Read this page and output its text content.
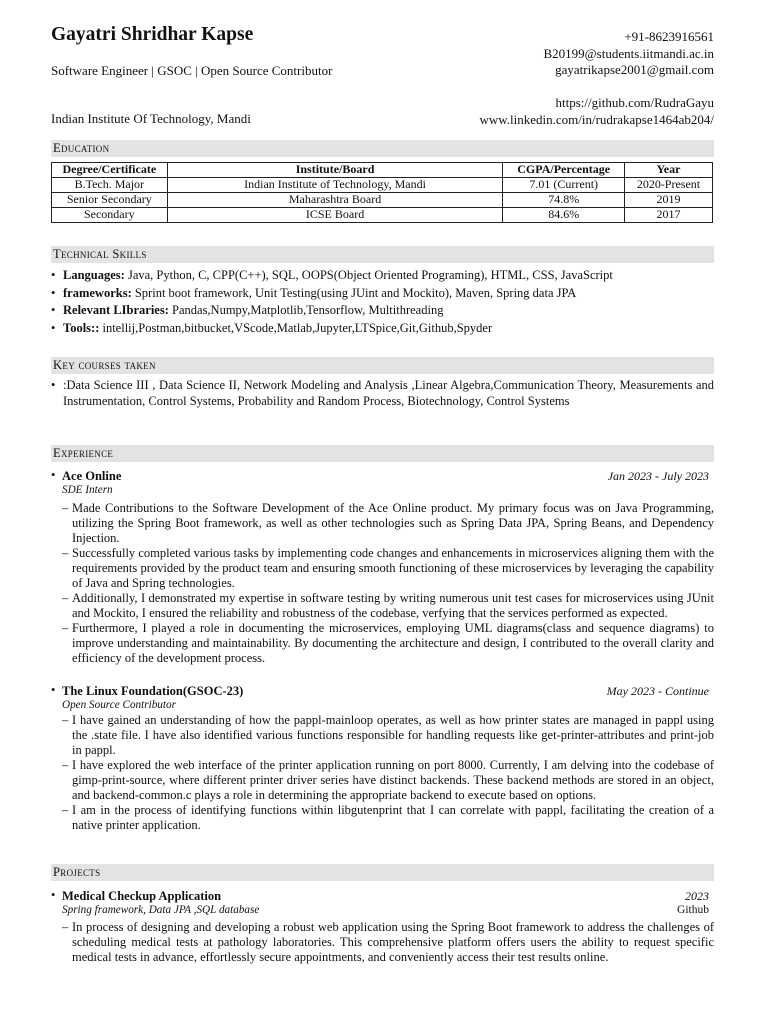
Gayatri Shridhar Kapse
Software Engineer | GSOC | Open Source Contributor
Indian Institute Of Technology, Mandi
+91-8623916561
B20199@students.iitmandi.ac.in
gayatrikapse2001@gmail.com
https://github.com/RudraGayu
www.linkedin.com/in/rudrakapse1464ab204/
Education
Degree/Certificate	Institute/Board	CGPA/Percentage	Year
B.Tech. Major	Indian Institute of Technology, Mandi	7.01 (Current)	2020-Present
Senior Secondary	Maharashtra Board	74.8%	2019
Secondary	ICSE Board	84.6%	2017
Technical Skills
• Languages: Java, Python, C, CPP(C++), SQL, OOPS(Object Oriented Programing), HTML, CSS, JavaScript
• frameworks: Sprint boot framework, Unit Testing(using JUint and Mockito), Maven, Spring data JPA
• Relevant LIbraries: Pandas,Numpy,Matplotlib,Tensorflow, Multithreading
• Tools:: intellij,Postman,bitbucket,VScode,Matlab,Jupyter,LTSpice,Git,Github,Spyder
Key courses taken
• :Data Science III , Data Science II, Network Modeling and Analysis ,Linear Algebra,Communication Theory, Measurements and Instrumentation, Control Systems, Probability and Random Process, Biotechnology, Control Systems
Experience
• Ace Online	Jan 2023 - July 2023
SDE Intern
– Made Contributions to the Software Development of the Ace Online product. My primary focus was on Java Programming, utilizing the Spring Boot framework, as well as other technologies such as Spring Data JPA, Spring Beans, and Dependency Injection.
– Successfully completed various tasks by implementing code changes and enhancements in microservices aligning them with the requirements provided by the product team and ensuring smooth functioning of these microservices by leveraging the capability of Java and Spring technologies.
– Additionally, I demonstrated my expertise in software testing by writing numerous unit test cases for microservices using JUnit and Mockito, I ensured the reliability and robustness of the codebase, verfying that the services performed as expected.
– Furthermore, I played a role in documenting the microservices, employing UML diagrams(class and sequence diagrams) to improve understanding and maintainability. By documenting the architecture and design, I contributed to the overall clarity and efficiency of the development process.
• The Linux Foundation(GSOC-23)	May 2023 - Continue
Open Source Contributor
– I have gained an understanding of how the pappl-mainloop operates, as well as how printer states are managed in pappl using the .state file. I have also identified various functions responsible for handling requests like get-printer-attributes and print-job in pappl.
– I have explored the web interface of the printer application running on port 8000. Currently, I am delving into the codebase of gimp-print-source, where different printer driver series have distinct backends. These backend methods are stored in an object, and backend-common.c plays a role in determining the appropriate backend to execute based on options.
– I am in the process of identifying functions within libgutenprint that I can correlate with pappl, facilitating the creation of a native printer application.
Projects
• Medical Checkup Application	2023
Spring framework, Data JPA ,SQL database	Github
– In process of designing and developing a robust web application using the Spring Boot framework to address the challenges of scheduling medical tests at pathology laboratories. This comprehensive platform offers users the ability to request specific medical tests in advance, effortlessly secure appointments, and conveniently access their test results online.
